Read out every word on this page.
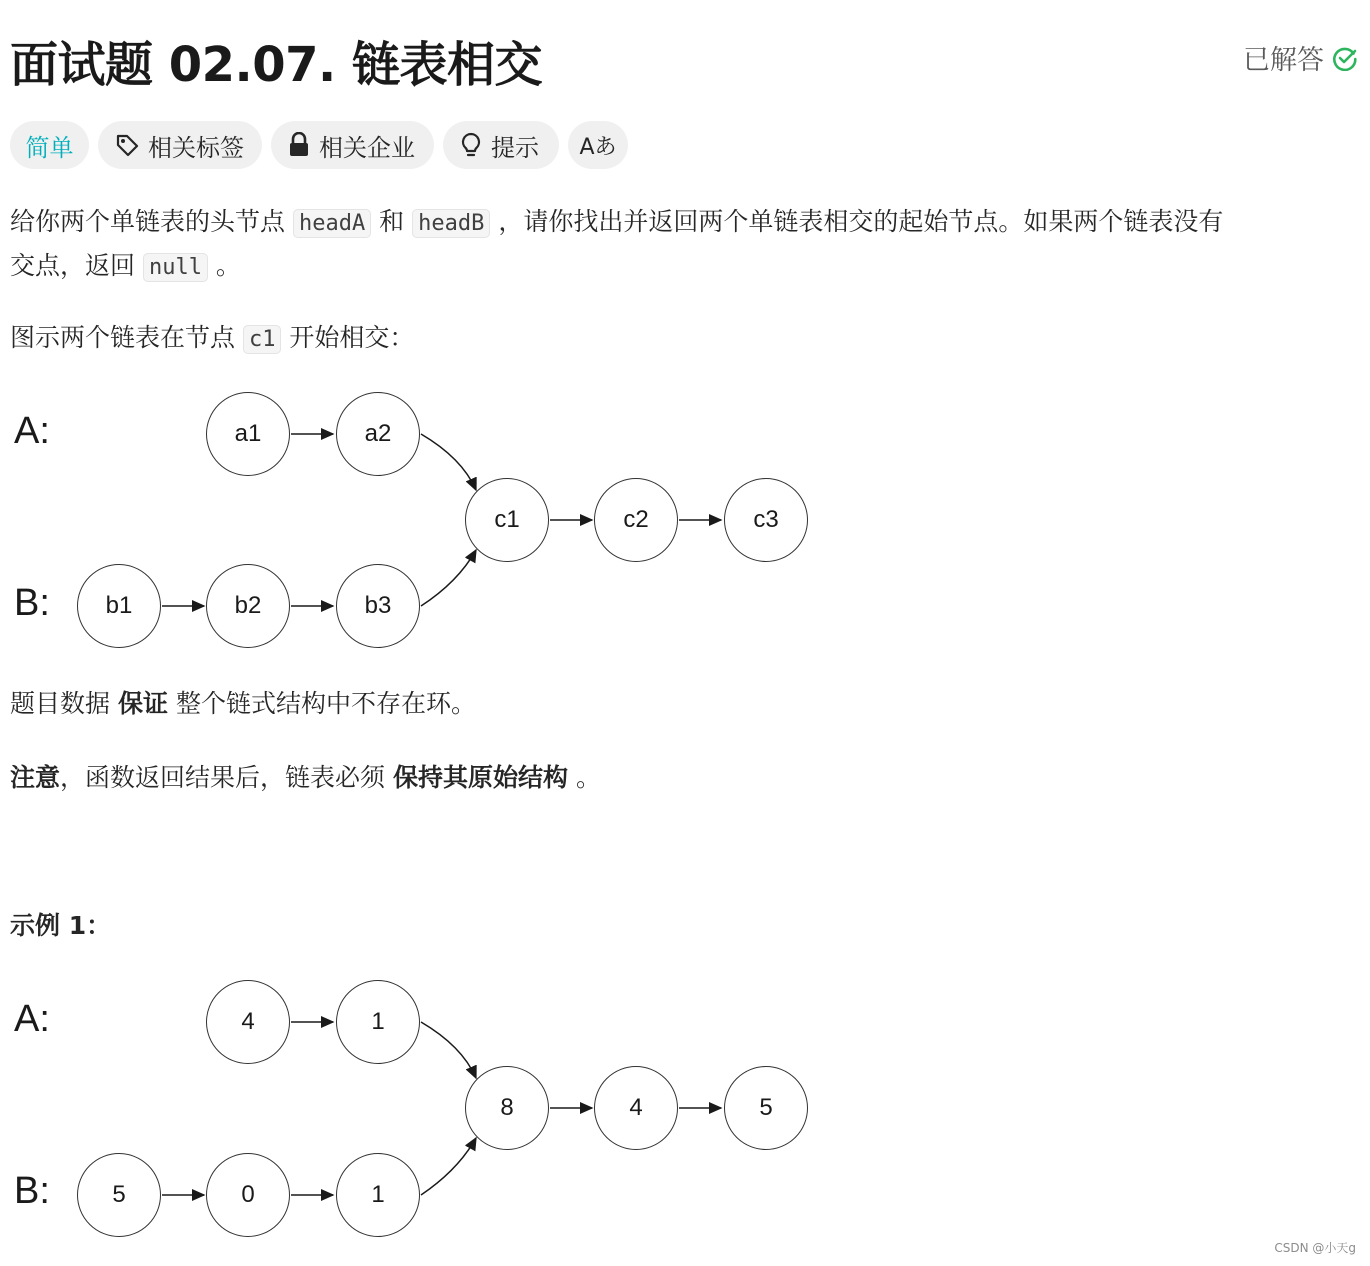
面试题 02.07. 链表相交	已解答
简单	相关标签	相关企业	提示 Aあ

给你两个单链表的头节点 headA 和 headB ，请你找出并返回两个单链表相交的起始节点。如果两个链表没有
交点，返回 null 。

图示两个链表在节点 c1 开始相交：

A:
B:
a1	a2
c1	c2	c3
b1	b2	b3

题目数据 保证 整个链式结构中不存在环。

注意，函数返回结果后，链表必须 保持其原始结构 。

示例 1：

A:
B:
4	1
8	4	5
5	0	1
CSDN @小天g
